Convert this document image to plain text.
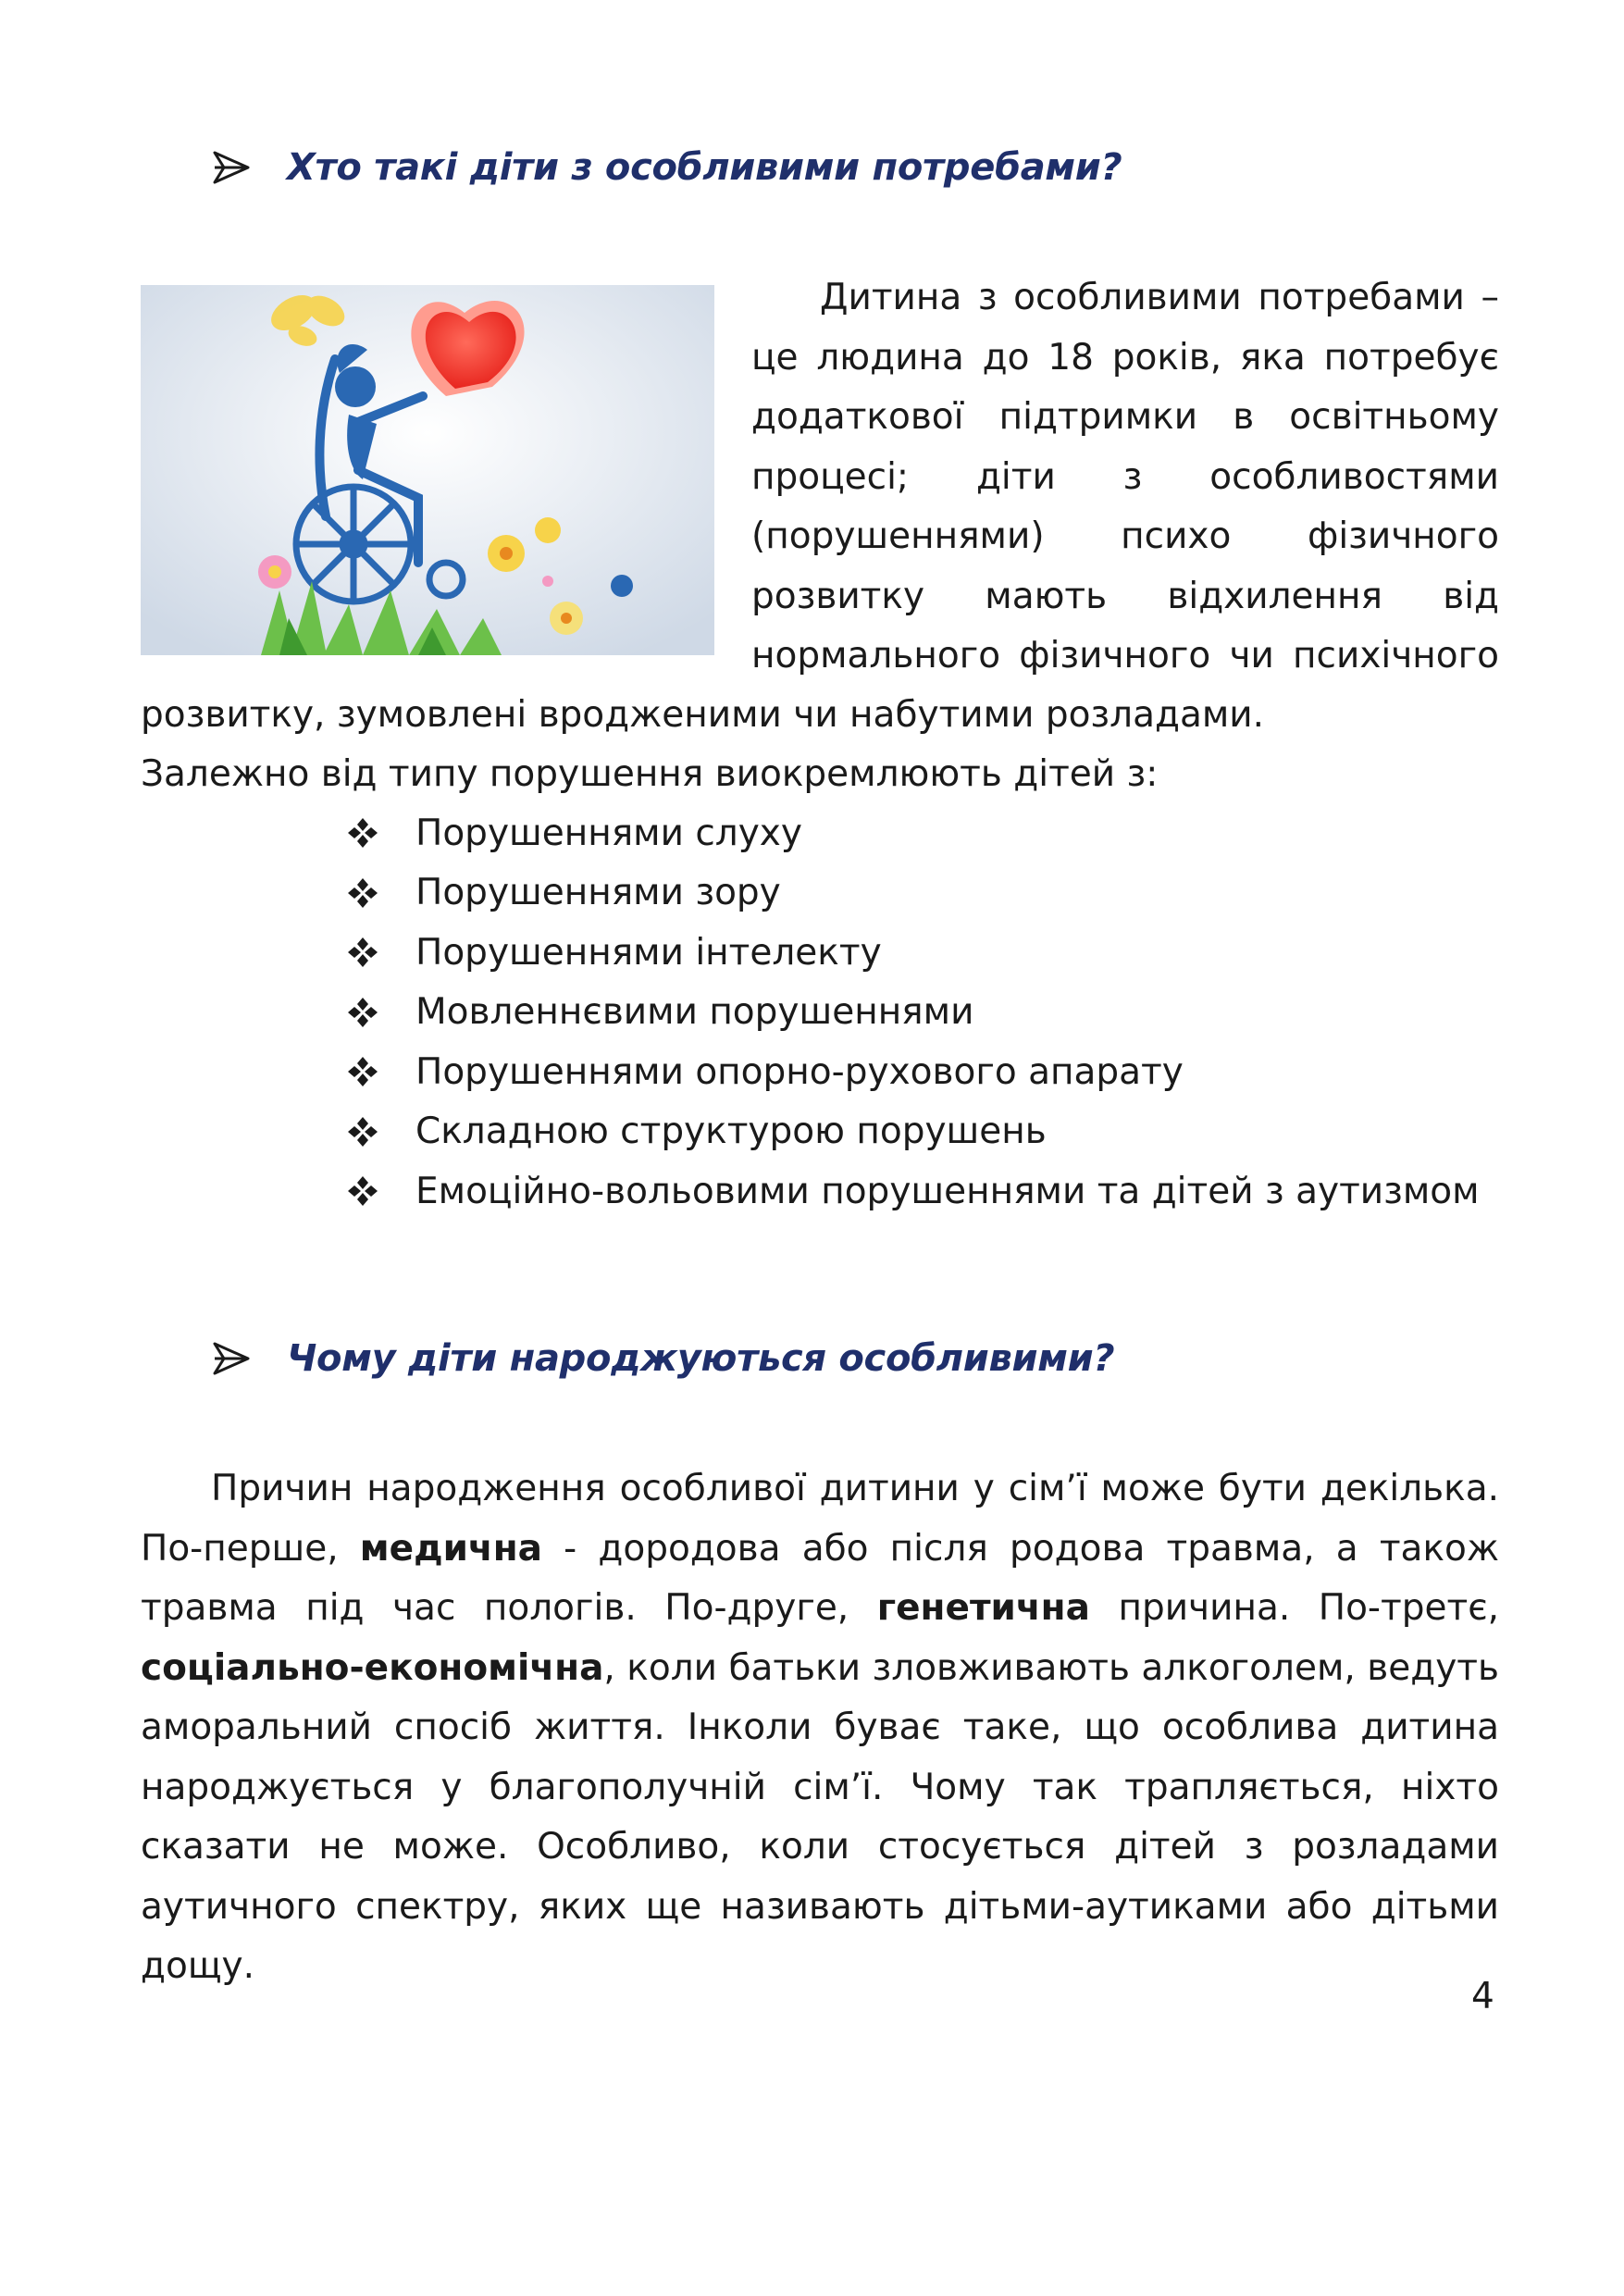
Хто такі діти з особливими потребами?
Дитина з особливими потребами –
це людина до 18 років, яка потребує
додаткової підтримки в освітньому
процесі; діти з особливостями
(порушеннями) психо фізичного
розвитку мають відхилення від
нормального фізичного чи психічного
розвитку, зумовлені вродженими чи набутими розладами.
Залежно від типу порушення виокремлюють дітей з:
Порушеннями слуху
Порушеннями зору
Порушеннями інтелекту
Мовленнєвими порушеннями
Порушеннями опорно-рухового апарату
Складною структурою порушень
Емоційно-вольовими порушеннями та дітей з аутизмом
Чому діти народжуються особливими?
Причин народження особливої дитини у сім’ї може бути декілька. По-перше, медична - дородова або після родова травма, а також травма під час пологів. По-друге, генетична причина. По-третє, соціально-економічна, коли батьки зловживають алкоголем, ведуть аморальний спосіб життя. Інколи буває таке, що особлива дитина народжується у благополучній сім’ї. Чому так трапляється, ніхто сказати не може. Особливо, коли стосується дітей з розладами аутичного спектру, яких ще називають дітьми-аутиками або дітьми дощу.
4
